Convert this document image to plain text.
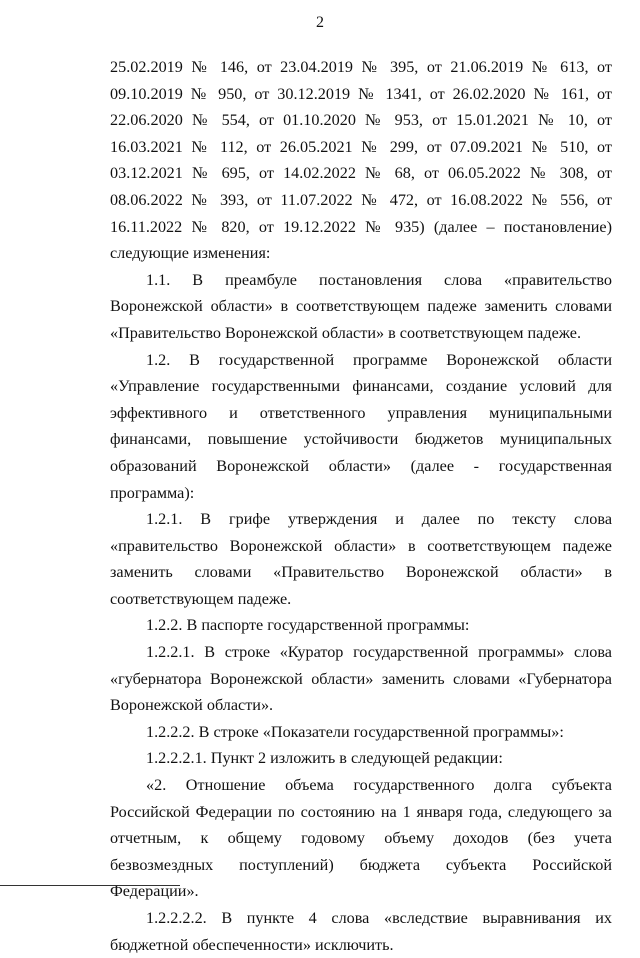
2

25.02.2019 № 146, от 23.04.2019 № 395, от 21.06.2019 № 613, от 09.10.2019 № 950, от 30.12.2019 № 1341, от 26.02.2020 № 161, от 22.06.2020 № 554, от 01.10.2020 № 953, от 15.01.2021 № 10, от 16.03.2021 № 112, от 26.05.2021 № 299, от 07.09.2021 № 510, от 03.12.2021 № 695, от 14.02.2022 № 68, от 06.05.2022 № 308, от 08.06.2022 № 393, от 11.07.2022 № 472, от 16.08.2022 № 556, от 16.11.2022 № 820, от 19.12.2022 № 935) (далее – постановление) следующие изменения:

1.1. В преамбуле постановления слова «правительство Воронежской области» в соответствующем падеже заменить словами «Правительство Воронежской области» в соответствующем падеже.

1.2. В государственной программе Воронежской области «Управление государственными финансами, создание условий для эффективного и ответственного управления муниципальными финансами, повышение устойчивости бюджетов муниципальных образований Воронежской области» (далее - государственная программа):

1.2.1. В грифе утверждения и далее по тексту слова «правительство Воронежской области» в соответствующем падеже заменить словами «Правительство Воронежской области» в соответствующем падеже.

1.2.2. В паспорте государственной программы:

1.2.2.1. В строке «Куратор государственной программы» слова «губернатора Воронежской области» заменить словами «Губернатора Воронежской области».

1.2.2.2. В строке «Показатели государственной программы»:

1.2.2.2.1. Пункт 2 изложить в следующей редакции:

«2. Отношение объема государственного долга субъекта Российской Федерации по состоянию на 1 января года, следующего за отчетным, к общему годовому объему доходов (без учета безвозмездных поступлений) бюджета субъекта Российской Федерации».

1.2.2.2.2. В пункте 4 слова «вследствие выравнивания их бюджетной обеспеченности» исключить.
